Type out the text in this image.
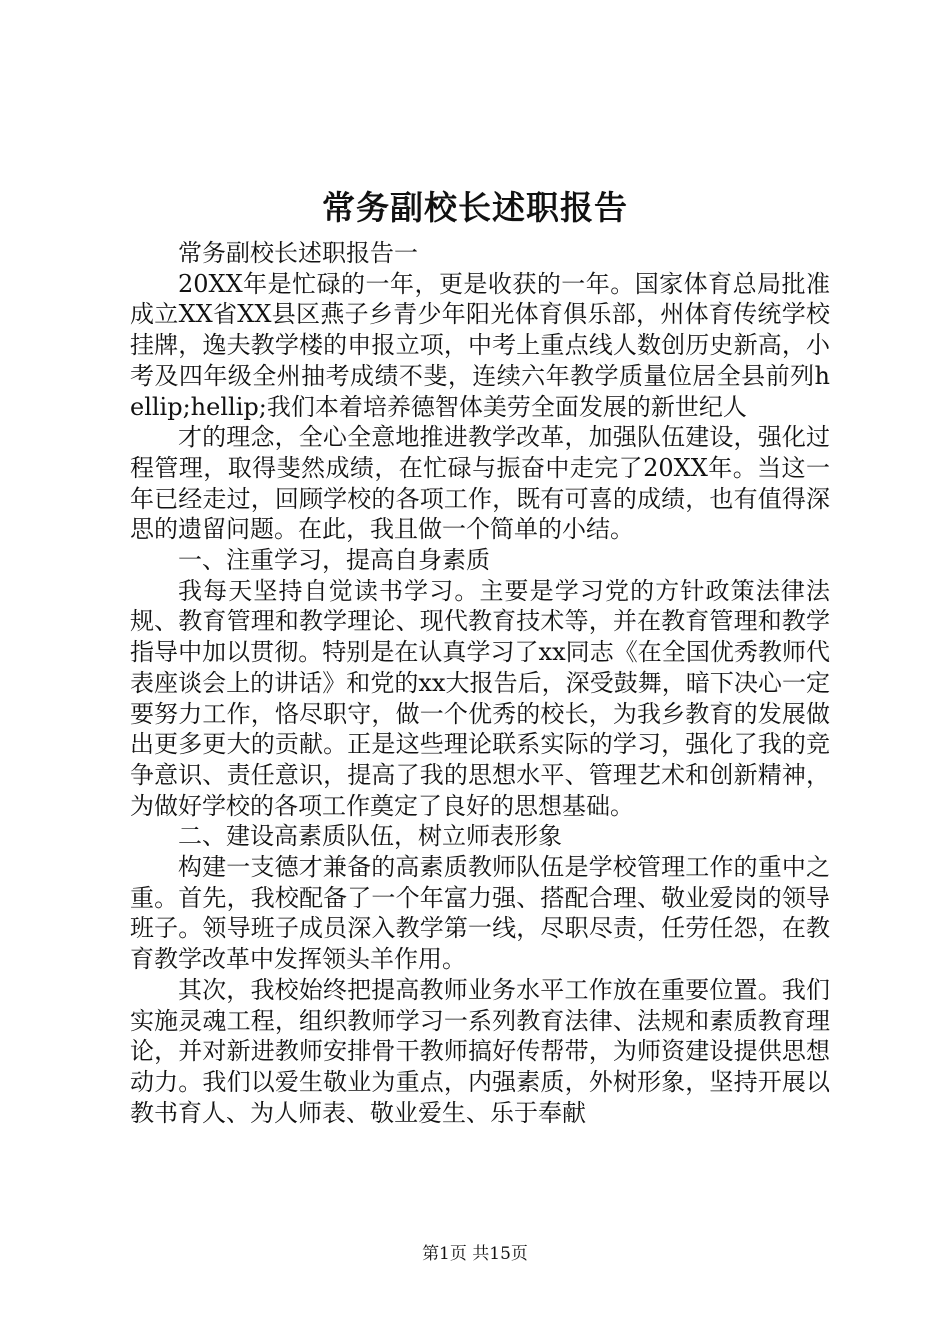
常务副校长述职报告

常务副校长述职报告一

20XX年是忙碌的一年，更是收获的一年。国家体育总局批准成立XX省XX县区燕子乡青少年阳光体育俱乐部，州体育传统学校挂牌，逸夫教学楼的申报立项，中考上重点线人数创历史新高，小考及四年级全州抽考成绩不斐，连续六年教学质量位居全县前列hellip;hellip;我们本着培养德智体美劳全面发展的新世纪人

才的理念，全心全意地推进教学改革，加强队伍建设，强化过程管理，取得斐然成绩，在忙碌与振奋中走完了20XX年。当这一年已经走过，回顾学校的各项工作，既有可喜的成绩，也有值得深思的遗留问题。在此，我且做一个简单的小结。

一、注重学习，提高自身素质

我每天坚持自觉读书学习。主要是学习党的方针政策法律法规、教育管理和教学理论、现代教育技术等，并在教育管理和教学指导中加以贯彻。特别是在认真学习了xx同志《在全国优秀教师代表座谈会上的讲话》和党的xx大报告后，深受鼓舞，暗下决心一定要努力工作，恪尽职守，做一个优秀的校长，为我乡教育的发展做出更多更大的贡献。正是这些理论联系实际的学习，强化了我的竞争意识、责任意识，提高了我的思想水平、管理艺术和创新精神，为做好学校的各项工作奠定了良好的思想基础。

二、建设高素质队伍，树立师表形象

构建一支德才兼备的高素质教师队伍是学校管理工作的重中之重。首先，我校配备了一个年富力强、搭配合理、敬业爱岗的领导班子。领导班子成员深入教学第一线，尽职尽责，任劳任怨，在教育教学改革中发挥领头羊作用。

其次，我校始终把提高教师业务水平工作放在重要位置。我们实施灵魂工程，组织教师学习一系列教育法律、法规和素质教育理论，并对新进教师安排骨干教师搞好传帮带，为师资建设提供思想动力。我们以爱生敬业为重点，内强素质，外树形象，坚持开展以教书育人、为人师表、敬业爱生、乐于奉献

第1页 共15页
